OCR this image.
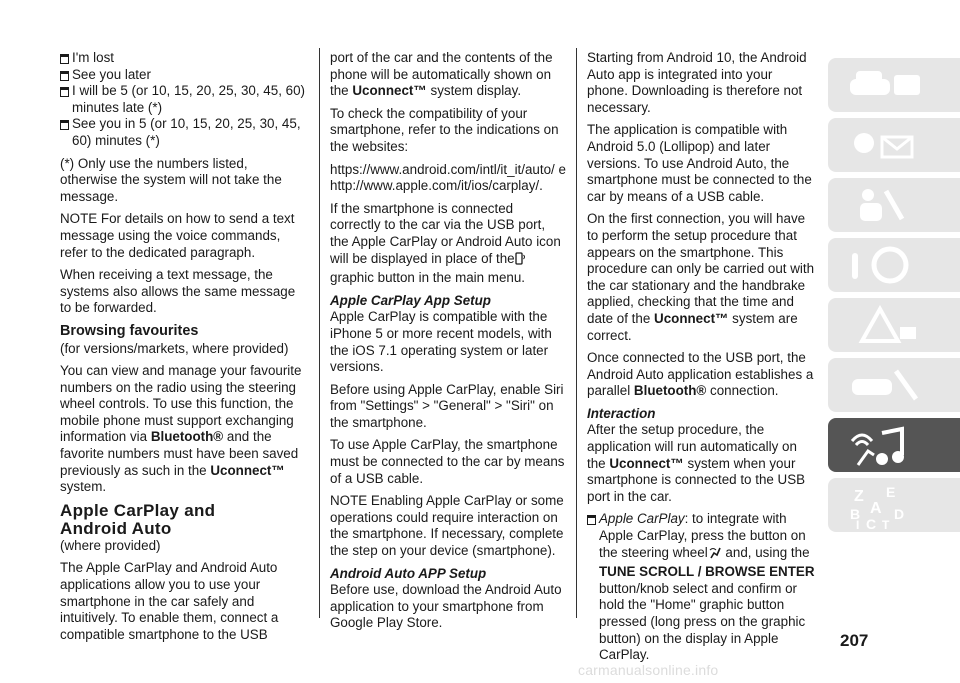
I'm lost
See you later
I will be 5 (or 10, 15, 20, 25, 30, 45, 60) minutes late (*)
See you in 5 (or 10, 15, 20, 25, 30, 45, 60) minutes (*)

(*) Only use the numbers listed, otherwise the system will not take the message.

NOTE For details on how to send a text message using the voice commands, refer to the dedicated paragraph.

When receiving a text message, the systems also allows the same message to be forwarded.

Browsing favourites

(for versions/markets, where provided)

You can view and manage your favourite numbers on the radio using the steering wheel controls. To use this function, the mobile phone must support exchanging information via Bluetooth® and the favorite numbers must have been saved previously as such in the Uconnect™ system.

Apple CarPlay and
Android Auto

(where provided)

The Apple CarPlay and Android Auto applications allow you to use your smartphone in the car safely and intuitively. To enable them, connect a compatible smartphone to the USB

port of the car and the contents of the phone will be automatically shown on the Uconnect™ system display.

To check the compatibility of your smartphone, refer to the indications on the websites:

https://www.android.com/intl/it_it/auto/ e http://www.apple.com/it/ios/carplay/.

If the smartphone is connected correctly to the car via the USB port, the Apple CarPlay or Android Auto icon will be displayed in place of the graphic button in the main menu.

Apple CarPlay App Setup

Apple CarPlay is compatible with the iPhone 5 or more recent models, with the iOS 7.1 operating system or later versions.

Before using Apple CarPlay, enable Siri from "Settings" > "General" > "Siri" on the smartphone.

To use Apple CarPlay, the smartphone must be connected to the car by means of a USB cable.

NOTE Enabling Apple CarPlay or some operations could require interaction on the smartphone. If necessary, complete the step on your device (smartphone).

Android Auto APP Setup

Before use, download the Android Auto application to your smartphone from Google Play Store.

Starting from Android 10, the Android Auto app is integrated into your phone. Downloading is therefore not necessary.

The application is compatible with Android 5.0 (Lollipop) and later versions. To use Android Auto, the smartphone must be connected to the car by means of a USB cable.

On the first connection, you will have to perform the setup procedure that appears on the smartphone. This procedure can only be carried out with the car stationary and the handbrake applied, checking that the time and date of the Uconnect™ system are correct.

Once connected to the USB port, the Android Auto application establishes a parallel Bluetooth® connection.

Interaction

After the setup procedure, the application will run automatically on the Uconnect™ system when your smartphone is connected to the USB port in the car.

Apple CarPlay: to integrate with Apple CarPlay, press the button on the steering wheel and, using the TUNE SCROLL / BROWSE ENTER button/knob select and confirm or hold the "Home" graphic button pressed (long press on the graphic button) on the display in Apple CarPlay.
Z E
B A
C
D
I T
207
carmanualsonline.info
